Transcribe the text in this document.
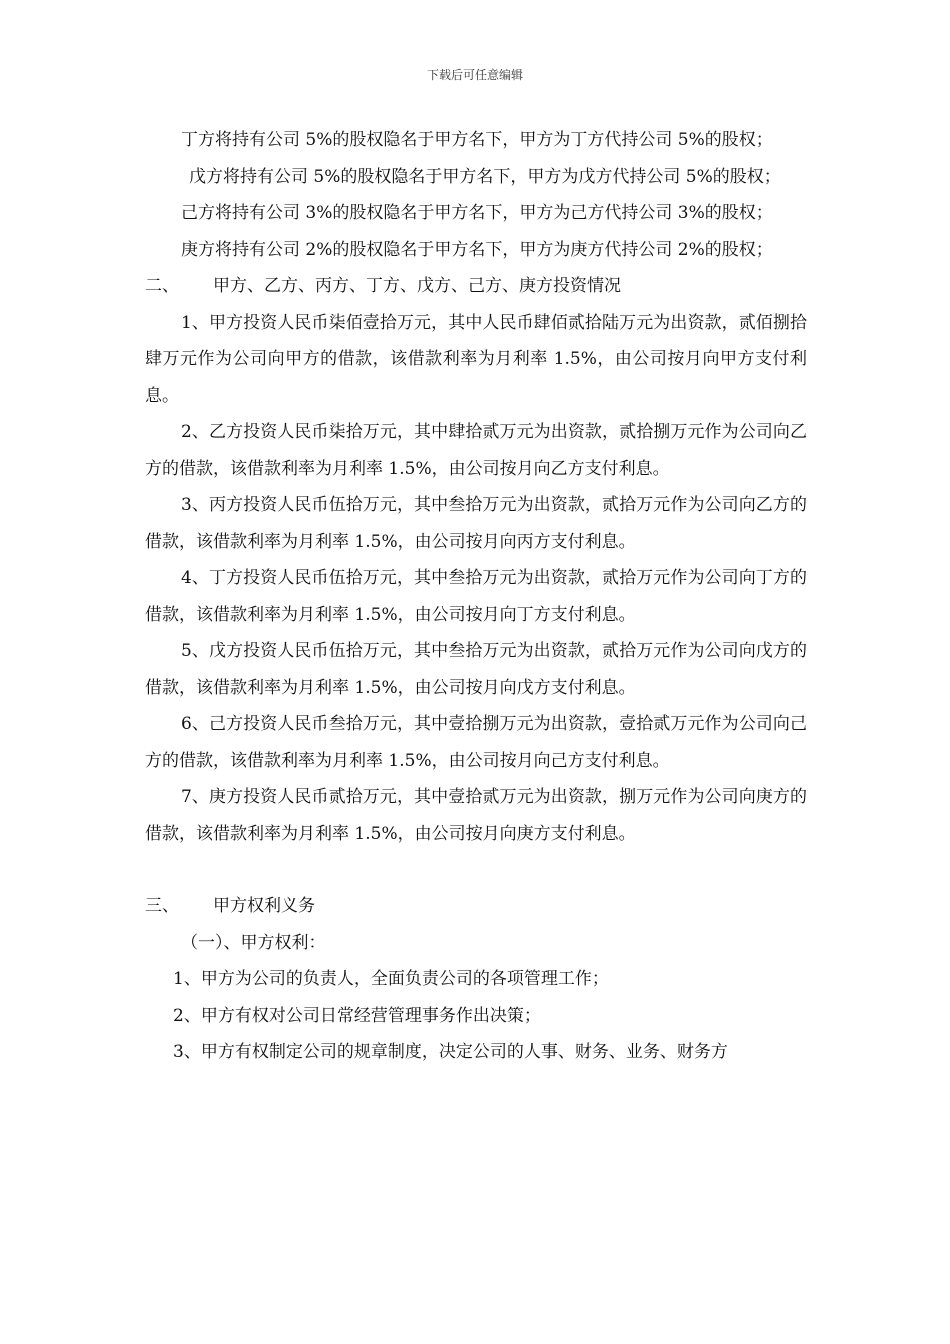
下载后可任意编辑

丁方将持有公司 5%的股权隐名于甲方名下，甲方为丁方代持公司 5%的股权；

戊方将持有公司 5%的股权隐名于甲方名下，甲方为戊方代持公司 5%的股权；

己方将持有公司 3%的股权隐名于甲方名下，甲方为己方代持公司 3%的股权；

庚方将持有公司 2%的股权隐名于甲方名下，甲方为庚方代持公司 2%的股权；

二、 甲方、乙方、丙方、丁方、戊方、己方、庚方投资情况

1、甲方投资人民币柒佰壹拾万元，其中人民币肆佰贰拾陆万元为出资款，贰佰捌拾肆万元作为公司向甲方的借款，该借款利率为月利率 1.5%，由公司按月向甲方支付利息。

2、乙方投资人民币柒拾万元，其中肆拾贰万元为出资款，贰拾捌万元作为公司向乙方的借款，该借款利率为月利率 1.5%，由公司按月向乙方支付利息。

3、丙方投资人民币伍拾万元，其中叁拾万元为出资款，贰拾万元作为公司向乙方的借款，该借款利率为月利率 1.5%，由公司按月向丙方支付利息。

4、丁方投资人民币伍拾万元，其中叁拾万元为出资款，贰拾万元作为公司向丁方的借款，该借款利率为月利率 1.5%，由公司按月向丁方支付利息。

5、戊方投资人民币伍拾万元，其中叁拾万元为出资款，贰拾万元作为公司向戊方的借款，该借款利率为月利率 1.5%，由公司按月向戊方支付利息。

6、己方投资人民币叁拾万元，其中壹拾捌万元为出资款，壹拾贰万元作为公司向己方的借款，该借款利率为月利率 1.5%，由公司按月向己方支付利息。

7、庚方投资人民币贰拾万元，其中壹拾贰万元为出资款，捌万元作为公司向庚方的借款，该借款利率为月利率 1.5%，由公司按月向庚方支付利息。

三、 甲方权利义务

（一）、甲方权利：

1、甲方为公司的负责人，全面负责公司的各项管理工作；

2、甲方有权对公司日常经营管理事务作出决策；

3、甲方有权制定公司的规章制度，决定公司的人事、财务、业务、财务方
